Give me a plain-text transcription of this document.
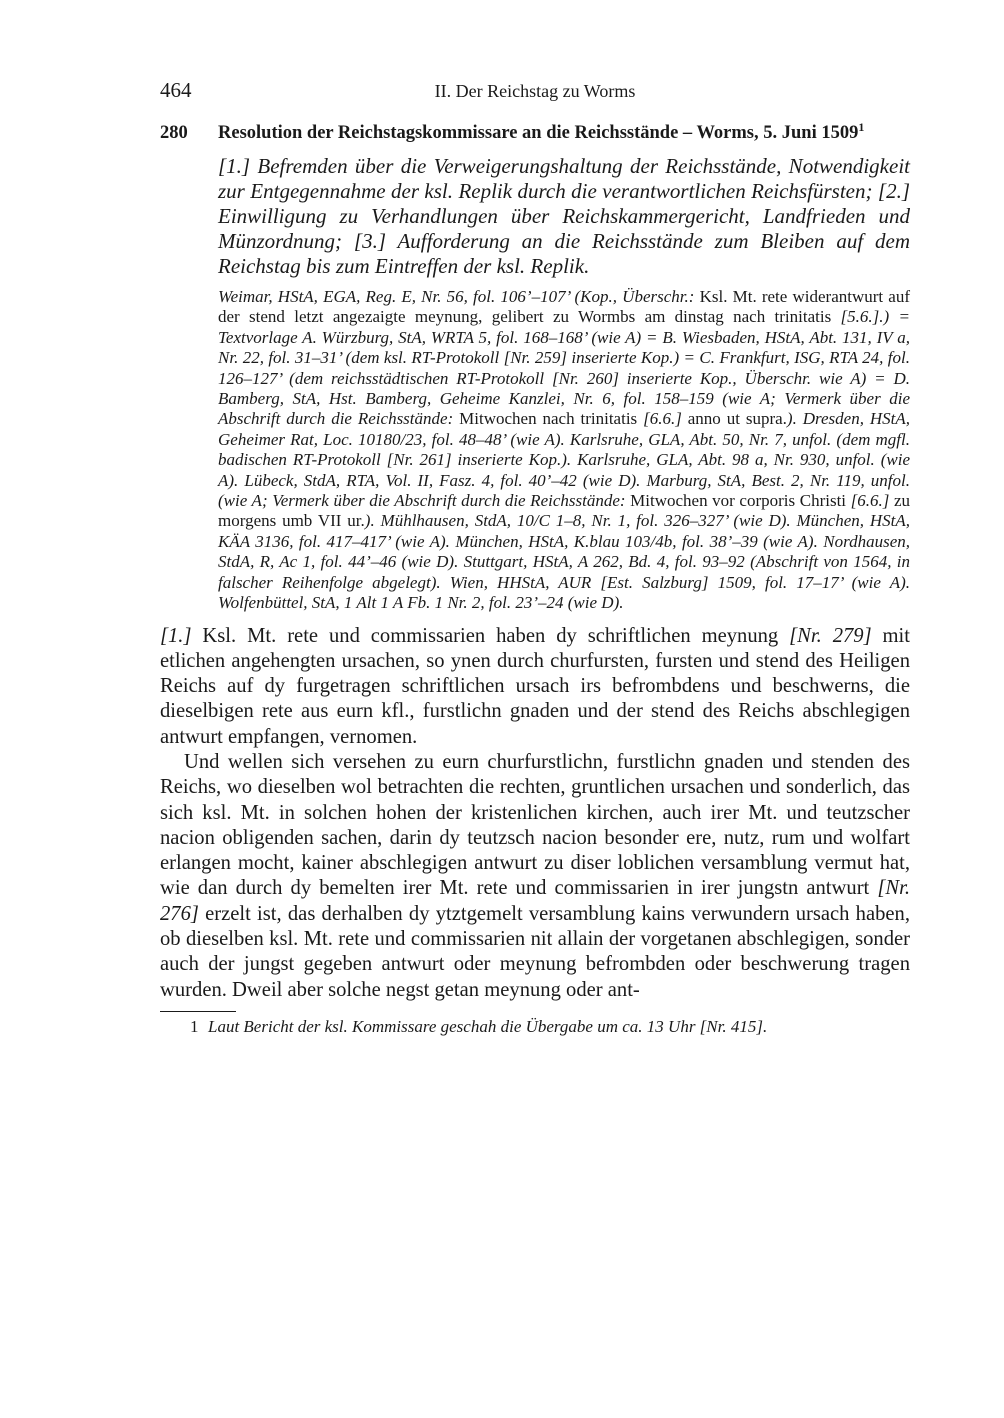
464	II. Der Reichstag zu Worms
280 Resolution der Reichstagskommissare an die Reichsstände – Worms, 5. Juni 1509$^1$
[1.] Befremden über die Verweigerungshaltung der Reichsstände, Notwendigkeit zur Entgegennahme der ksl. Replik durch die verantwortlichen Reichsfürsten; [2.] Einwilligung zu Verhandlungen über Reichskammergericht, Landfrieden und Münzordnung; [3.] Aufforderung an die Reichsstände zum Bleiben auf dem Reichstag bis zum Eintreffen der ksl. Replik.
Weimar, HStA, EGA, Reg. E, Nr. 56, fol. 106’–107’ (Kop., Überschr.: Ksl. Mt. rete widerantwurt auf der stend letzt angezaigte meynung, gelibert zu Wormbs am dinstag nach trinitatis [5.6.].) = Textvorlage A. Würzburg, StA, WRTA 5, fol. 168–168’ (wie A) = B. Wiesbaden, HStA, Abt. 131, IV a, Nr. 22, fol. 31–31’ (dem ksl. RT-Protokoll [Nr. 259] inserierte Kop.) = C. Frankfurt, ISG, RTA 24, fol. 126–127’ (dem reichsstädtischen RT-Protokoll [Nr. 260] inserierte Kop., Überschr. wie A) = D. Bamberg, StA, Hst. Bamberg, Geheime Kanzlei, Nr. 6, fol. 158–159 (wie A; Vermerk über die Abschrift durch die Reichsstände: Mitwochen nach trinitatis [6.6.] anno ut supra.). Dresden, HStA, Geheimer Rat, Loc. 10180/23, fol. 48–48’ (wie A). Karlsruhe, GLA, Abt. 50, Nr. 7, unfol. (dem mgfl. badischen RT-Protokoll [Nr. 261] inserierte Kop.). Karlsruhe, GLA, Abt. 98 a, Nr. 930, unfol. (wie A). Lübeck, StdA, RTA, Vol. II, Fasz. 4, fol. 40’–42 (wie D). Marburg, StA, Best. 2, Nr. 119, unfol. (wie A; Vermerk über die Abschrift durch die Reichsstände: Mitwochen vor corporis Christi [6.6.] zu morgens umb VII ur.). Mühlhausen, StdA, 10/C 1–8, Nr. 1, fol. 326–327’ (wie D). München, HStA, KÄA 3136, fol. 417–417’ (wie A). München, HStA, K.blau 103/4b, fol. 38’–39 (wie A). Nordhausen, StdA, R, Ac 1, fol. 44’–46 (wie D). Stuttgart, HStA, A 262, Bd. 4, fol. 93–92 (Abschrift von 1564, in falscher Reihenfolge abgelegt). Wien, HHStA, AUR [Est. Salzburg] 1509, fol. 17–17’ (wie A). Wolfenbüttel, StA, 1 Alt 1 A Fb. 1 Nr. 2, fol. 23’–24 (wie D).

[1.] Ksl. Mt. rete und commissarien haben dy schriftlichen meynung [Nr. 279] mit etlichen angehengten ursachen, so ynen durch churfursten, fursten und stend des Heiligen Reichs auf dy furgetragen schriftlichen ursach irs befrombdens und beschwerns, die dieselbigen rete aus eurn kfl., furstlichn gnaden und der stend des Reichs abschlegigen antwurt empfangen, vernomen.

Und wellen sich versehen zu eurn churfurstlichn, furstlichn gnaden und stenden des Reichs, wo dieselben wol betrachten die rechten, gruntlichen ursachen und sonderlich, das sich ksl. Mt. in solchen hohen der kristenlichen kirchen, auch irer Mt. und teutzscher nacion obligenden sachen, darin dy teutzsch nacion besonder ere, nutz, rum und wolfart erlangen mocht, kainer abschlegigen antwurt zu diser loblichen versamblung vermut hat, wie dan durch dy bemelten irer Mt. rete und commissarien in irer jungstn antwurt [Nr. 276] erzelt ist, das derhalben dy ytztgemelt versamblung kains verwundern ursach haben, ob dieselben ksl. Mt. rete und commissarien nit allain der vorgetanen abschlegigen, sonder auch der jungst gegeben antwurt oder meynung befrombden oder beschwerung tragen wurden. Dweil aber solche negst getan meynung oder ant-

1 Laut Bericht der ksl. Kommissare geschah die Übergabe um ca. 13 Uhr [Nr. 415].
